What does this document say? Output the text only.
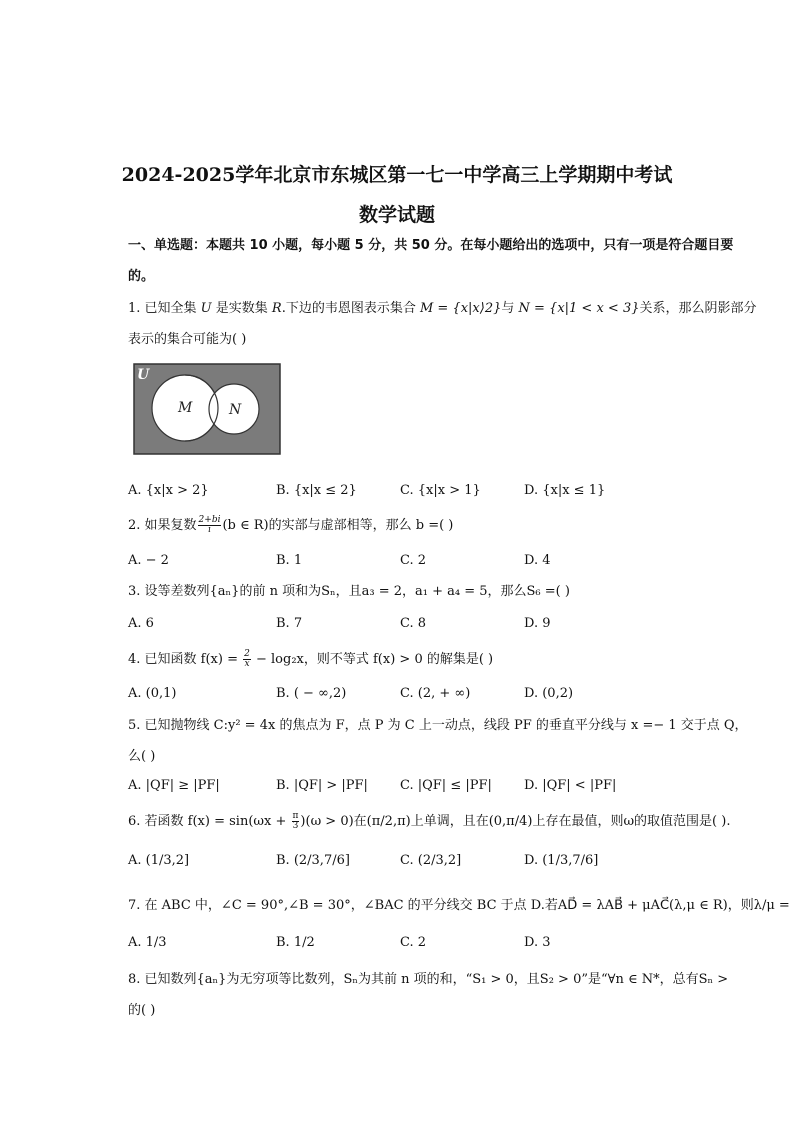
2024-2025学年北京市东城区第一七一中学高三上学期期中考试
数学试题
一、单选题：本题共 10 小题，每小题 5 分，共 50 分。在每小题给出的选项中，只有一项是符合题目要
的。
1. 已知全集 U 是实数集 R.下边的韦恩图表示集合 M = {x|x⟩2}与 N = {x|1 < x < 3}关系，那么阴影部分
表示的集合可能为( )
U
M	N
A. {x|x > 2}	B. {x|x ≤ 2}	C. {x|x > 1}	D. {x|x ≤ 1}
2. 如果复数 $\frac{2+bi}{i} (b$ ∈ R)的实部与虚部相等，那么 b =( )
A. − 2	B. 1	C. 2	D. 4
3. 设等差数列{aₙ}的前 n 项和为Sₙ，且a₃ = 2，a₁ + a₄ = 5，那么S₆ =( )
A. 6	B. 7	C. 8	D. 9
4. 已知函数 $f(x) = \frac{2}{x} - \log_2x$，则不等式 f(x) > 0 的解集是( )
A. (0,1)	B. ( − ∞,2)	C. (2, + ∞)	D. (0,2)
5. 已知抛物线 C:y² = 4x 的焦点为 F，点 P 为 C 上一动点，线段 PF 的垂直平分线与 x =− 1 交于点 Q，
么( )
A. |QF| ≥ |PF|	B. |QF| > |PF| C. |QF| ≤ |PF| D. |QF| < |PF|
6. 若函数 $f(x) = \sin(\omega x + \frac{\pi}{3} )(\omega > 0)$在(π/2,π)上单调，且在(0,π/4)上存在最值，则ω的取值范围是( ).
A. (1/3,2]	B. (2/3,7/6]	C. (2/3,2]	D. (1/3,7/6]
7. 在 ABC 中，∠C = 90°,∠B = 30°，∠BAC 的平分线交 BC 于点 D.若AD⃗ = λAB⃗ + μAC⃗(λ,μ ∈ R)，则λ/μ =
A. 1/3	B. 1/2	C. 2	D. 3
8. 已知数列{aₙ}为无穷项等比数列，Sₙ为其前 n 项的和，“S₁ > 0，且S₂ > 0”是“∀n ∈ N*，总有Sₙ >
的( )
